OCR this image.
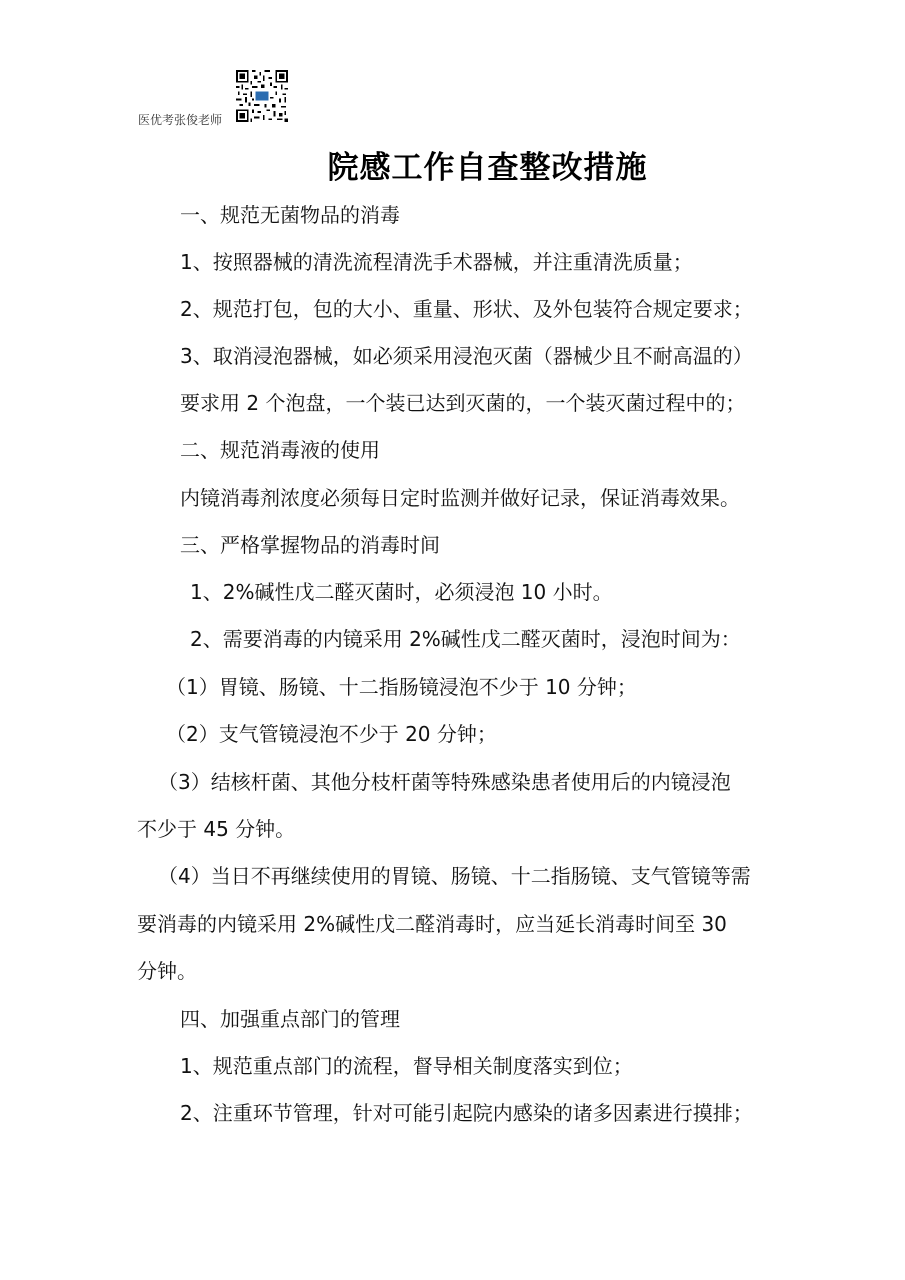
医优考张俊老师
院感工作自查整改措施
一、规范无菌物品的消毒
1、按照器械的清洗流程清洗手术器械，并注重清洗质量；
2、规范打包，包的大小、重量、形状、及外包装符合规定要求；
3、取消浸泡器械，如必须采用浸泡灭菌（器械少且不耐高温的）
要求用 2 个泡盘，一个装已达到灭菌的，一个装灭菌过程中的；
二、规范消毒液的使用
内镜消毒剂浓度必须每日定时监测并做好记录，保证消毒效果。
三、严格掌握物品的消毒时间
1、2%碱性戊二醛灭菌时，必须浸泡 10 小时。
2、需要消毒的内镜采用 2%碱性戊二醛灭菌时，浸泡时间为：
（1）胃镜、肠镜、十二指肠镜浸泡不少于 10 分钟；
（2）支气管镜浸泡不少于 20 分钟；
（3）结核杆菌、其他分枝杆菌等特殊感染患者使用后的内镜浸泡
不少于 45 分钟。
（4）当日不再继续使用的胃镜、肠镜、十二指肠镜、支气管镜等需
要消毒的内镜采用 2%碱性戊二醛消毒时，应当延长消毒时间至 30
分钟。
四、加强重点部门的管理
1、规范重点部门的流程，督导相关制度落实到位；
2、注重环节管理，针对可能引起院内感染的诸多因素进行摸排；
